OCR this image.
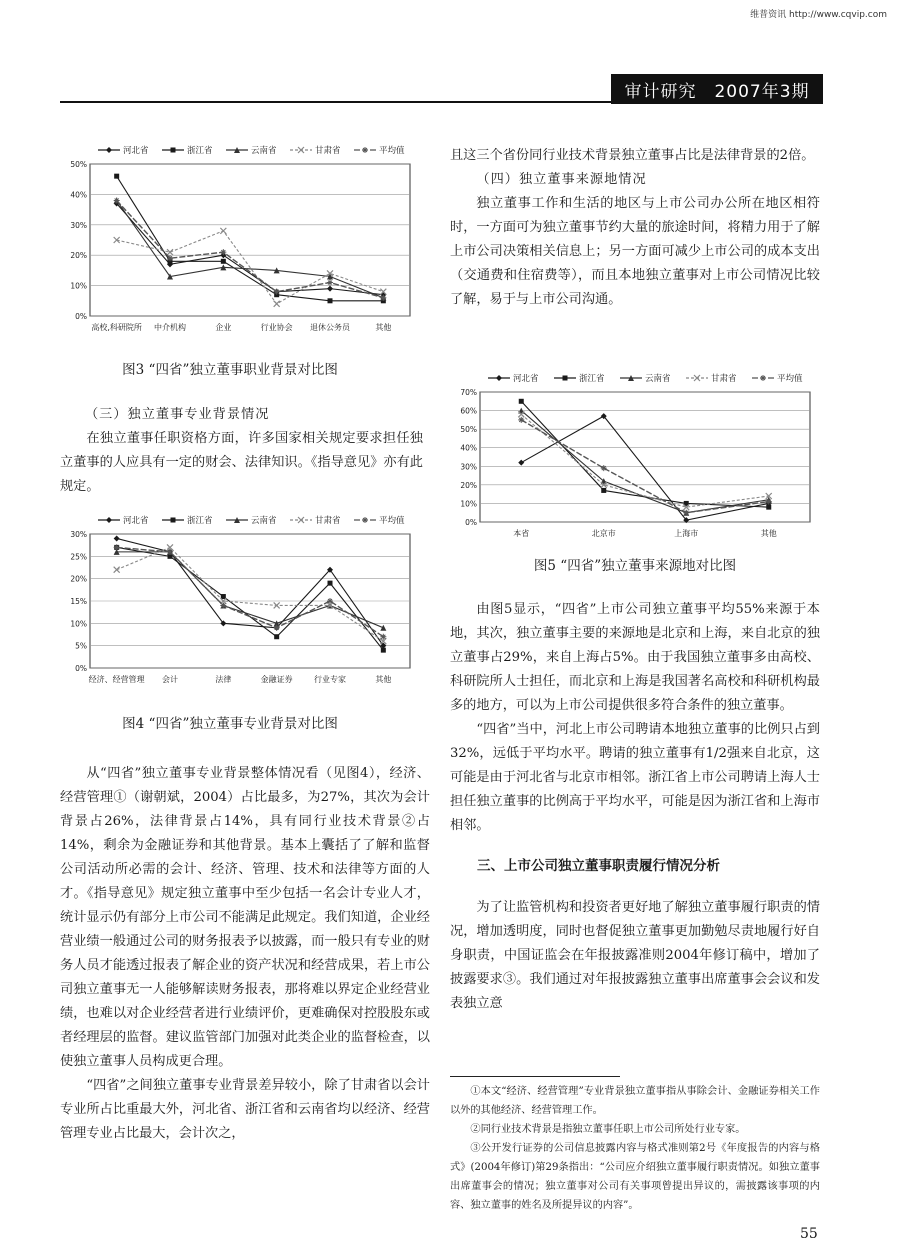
维普资讯 http://www.cqvip.com
审计研究　2007年3期
河北省	浙江省	云南省	甘肃省	平均值
0%
10%
20%
30%
40%
50%
高校,科研院所 中介机构	企业	行业协会 退休公务员	其他
图3 “四省”独立董事职业背景对比图
（三）独立董事专业背景情况

在独立董事任职资格方面，许多国家相关规定要求担任独立董事的人应具有一定的财会、法律知识。《指导意见》亦有此规定。

河北省	浙江省	云南省	甘肃省	平均值
0%
5%
10%
15%
20%
25%
30%
经济、经营管理 会计	法律	金融证券	行业专家	其他
图4 “四省”独立董事专业背景对比图

从“四省”独立董事专业背景整体情况看（见图4），经济、经营管理①（谢朝斌，2004）占比最多，为27%，其次为会计背景占26%，法律背景占14%，具有同行业技术背景②占14%，剩余为金融证券和其他背景。基本上囊括了了解和监督公司活动所必需的会计、经济、管理、技术和法律等方面的人才。《指导意见》规定独立董事中至少包括一名会计专业人才，统计显示仍有部分上市公司不能满足此规定。我们知道，企业经营业绩一般通过公司的财务报表予以披露，而一般只有专业的财务人员才能透过报表了解企业的资产状况和经营成果，若上市公司独立董事无一人能够解读财务报表，那将难以界定企业经营业绩，也难以对企业经营者进行业绩评价，更难确保对控股股东或者经理层的监督。建议监管部门加强对此类企业的监督检查，以使独立董事人员构成更合理。

“四省”之间独立董事专业背景差异较小，除了甘肃省以会计专业所占比重最大外，河北省、浙江省和云南省均以经济、经营管理专业占比最大，会计次之，

且这三个省份同行业技术背景独立董事占比是法律背景的2倍。

（四）独立董事来源地情况

独立董事工作和生活的地区与上市公司办公所在地区相符时，一方面可为独立董事节约大量的旅途时间，将精力用于了解上市公司决策相关信息上；另一方面可减少上市公司的成本支出（交通费和住宿费等），而且本地独立董事对上市公司情况比较了解，易于与上市公司沟通。

河北省	浙江省	云南省	甘肃省	平均值
0%
10%
20%
30%
40%
50%
60%
70%
本省	北京市	上海市	其他
图5 “四省”独立董事来源地对比图

由图5显示，“四省”上市公司独立董事平均55%来源于本地，其次，独立董事主要的来源地是北京和上海，来自北京的独立董事占29%，来自上海占5%。由于我国独立董事多由高校、科研院所人士担任，而北京和上海是我国著名高校和科研机构最多的地方，可以为上市公司提供很多符合条件的独立董事。

“四省”当中，河北上市公司聘请本地独立董事的比例只占到32%，远低于平均水平。聘请的独立董事有1/2强来自北京，这可能是由于河北省与北京市相邻。浙江省上市公司聘请上海人士担任独立董事的比例高于平均水平，可能是因为浙江省和上海市相邻。

三、上市公司独立董事职责履行情况分析

为了让监管机构和投资者更好地了解独立董事履行职责的情况，增加透明度，同时也督促独立董事更加勤勉尽责地履行好自身职责，中国证监会在年报披露准则2004年修订稿中，增加了披露要求③。我们通过对年报披露独立董事出席董事会会议和发表独立意

①本文“经济、经营管理”专业背景独立董事指从事除会计、金融证券相关工作以外的其他经济、经营管理工作。

②同行业技术背景是指独立董事任职上市公司所处行业专家。

③公开发行证券的公司信息披露内容与格式准则第2号《年度报告的内容与格式》(2004年修订)第29条指出：“公司应介绍独立董事履行职责情况。如独立董事出席董事会的情况；独立董事对公司有关事项曾提出异议的，需披露该事项的内容、独立董事的姓名及所提异议的内容”。

55
